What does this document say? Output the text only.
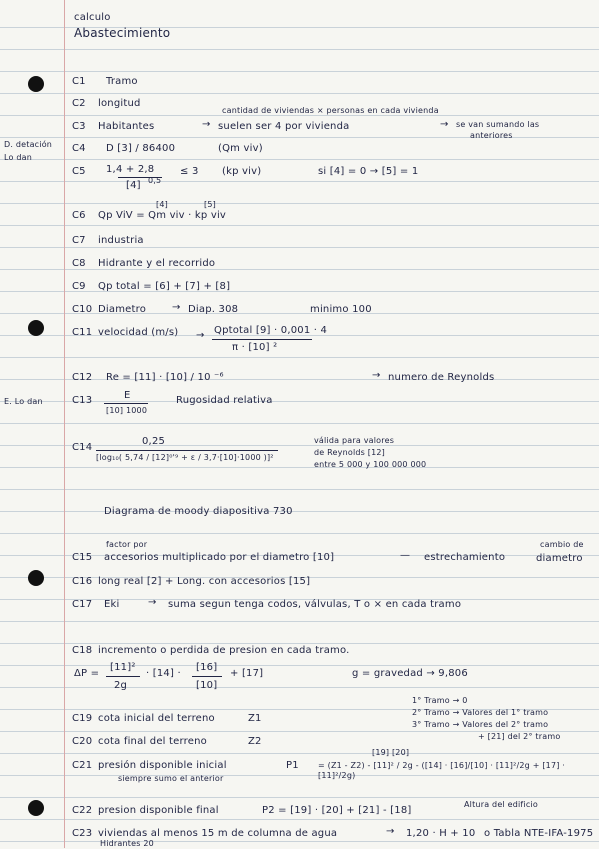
calculo
Abastecimiento
D. detación
Lo dan
E. Lo dan
C1 Tramo
C2 longitud
cantidad de viviendas × personas en cada vivienda
C3 Habitantes	→ suelen ser 4 por vivienda	→ se van sumando las
anteriores
C4 D [3] / 86400	(Qm viv)
C5 1,4 + 2,8
[4] 0,5
≤ 3 (kp viv)	si [4] = 0 → [5] = 1
[4]	[5]
C6 Qp ViV = Qm viv · kp viv
C7 industria
C8 Hidrante y el recorrido
C9 Qp total = [6] + [7] + [8]
C10 Diametro	→ Diap. 308	minimo 100
C11 velocidad (m/s) → Qptotal [9] · 0,001 · 4
π · [10] ²
C12 Re = [11] · [10] / 10 ⁻⁶	→ numero de Reynolds
C13	E
[10] 1000
Rugosidad relativa
C14
0,25
[log₁₀( 5,74 / [12]⁰'⁹ + ε / 3,7·[10]·1000 )]²
válida para valores
de Reynolds [12]
entre 5 000 y 100 000 000
Diagrama de moody diapositiva 730
factor por	cambio de
C15 accesorios multiplicado por el diametro [10]	— estrechamiento	diametro
C16 long real [2] + Long. con accesorios [15]
C17 Eki	→ suma segun tenga codos, válvulas, T o × en cada tramo
C18 incremento o perdida de presion en cada tramo.
ΔP =
[11]²
2g
· [14] ·
[16]
[10]
+ [17]	g = gravedad → 9,806
1° Tramo → 0
2° Tramo → Valores del 1° tramo
3° Tramo → Valores del 2° tramo
+ [21] del 2° tramo
C19 cota inicial del terreno	Z1
C20 cota final del terreno	Z2
[19] [20]
C21 presión disponible inicial	P1 = (Z1 - Z2) - [11]² / 2g - ([14] · [16]/[10] · [11]²/2g + [17] · [11]²/2g)
siempre sumo el anterior
C22 presion disponible final	P2 = [19] · [20] + [21] - [18]
Altura del edificio
C23 viviendas al menos 15 m de columna de agua	→ 1,20 · H + 10 o Tabla NTE-IFA-1975
Hidrantes 20
